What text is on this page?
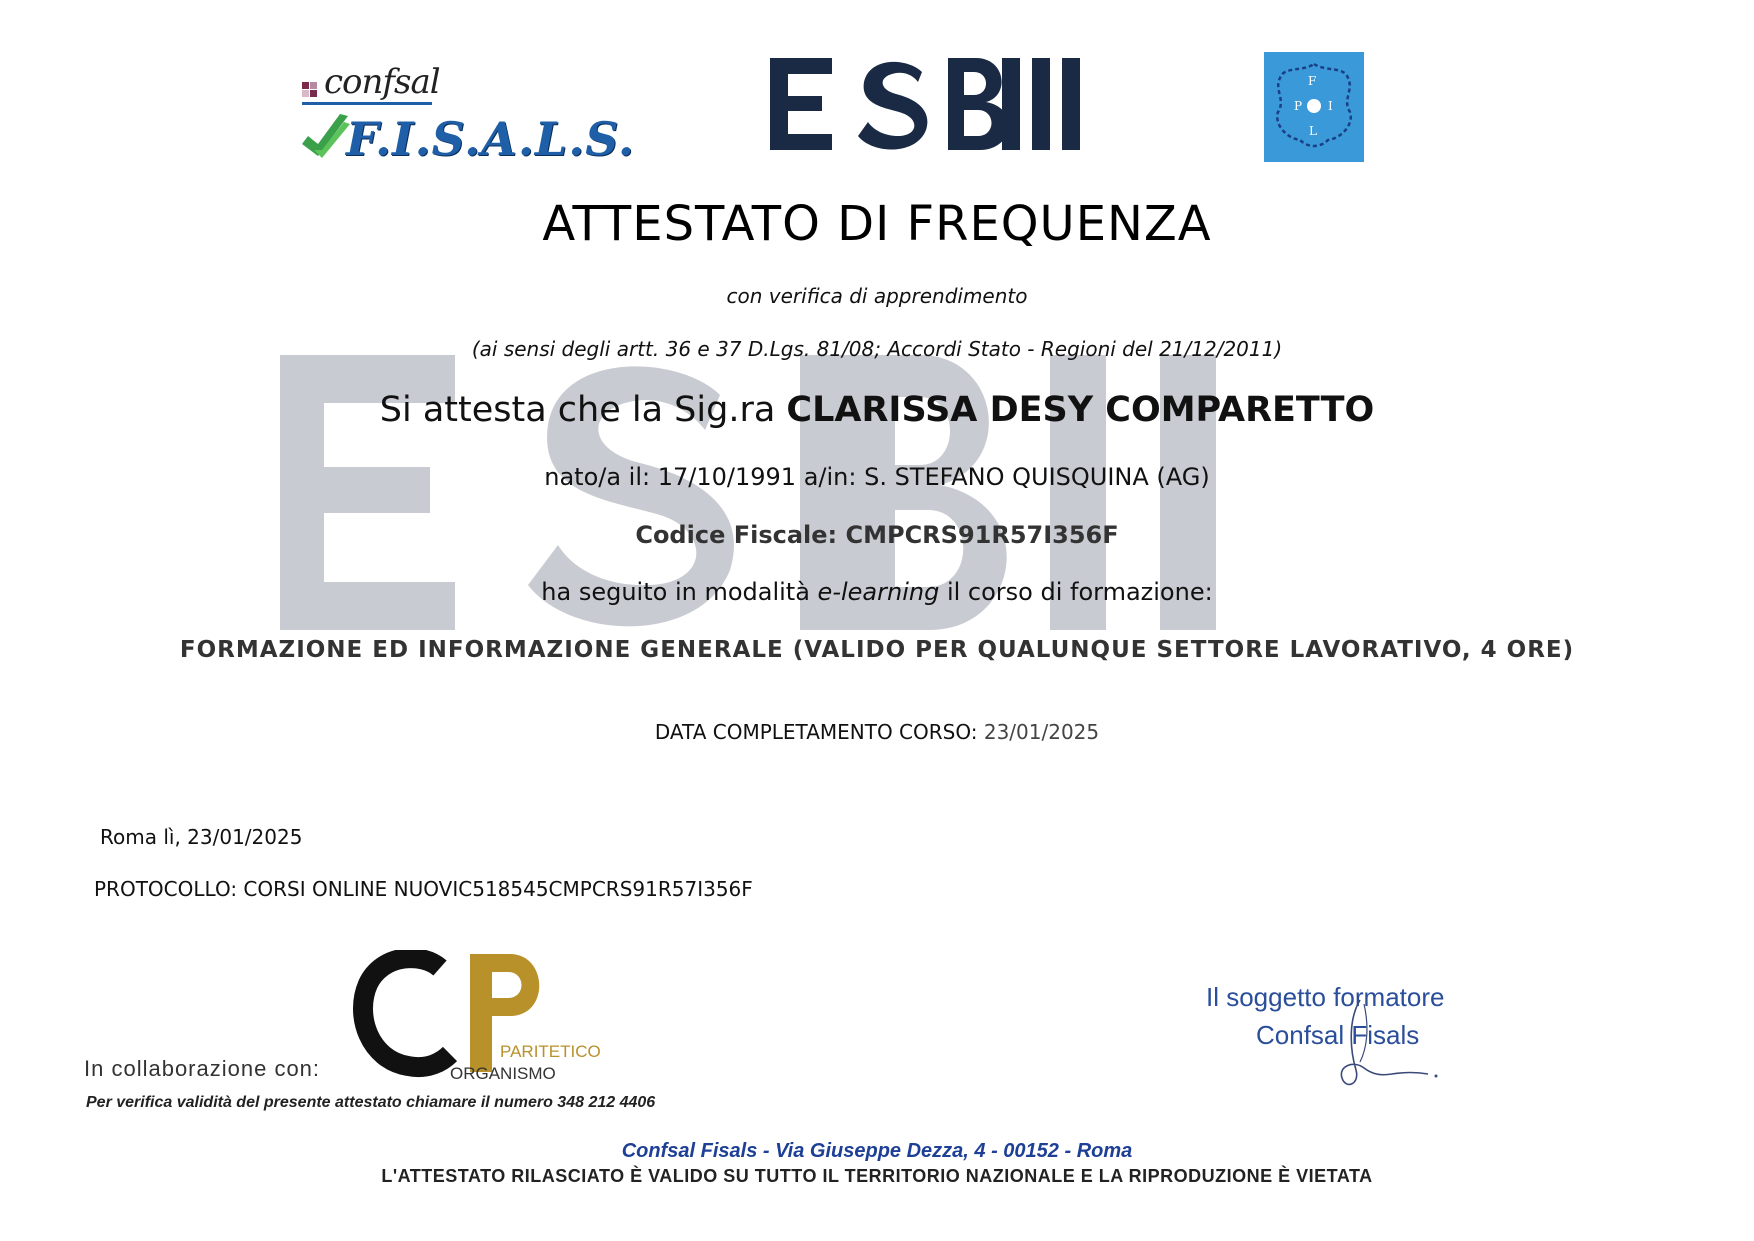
confsal
F.I.S.A.L.S.
F
P I
L
ATTESTATO DI FREQUENZA
con verifica di apprendimento
(ai sensi degli artt. 36 e 37 D.Lgs. 81/08; Accordi Stato - Regioni del 21/12/2011)
Si attesta che la Sig.ra CLARISSA DESY COMPARETTO
nato/a il: 17/10/1991 a/in: S. STEFANO QUISQUINA (AG)
Codice Fiscale: CMPCRS91R57I356F
ha seguito in modalità e-learning il corso di formazione:
FORMAZIONE ED INFORMAZIONE GENERALE (VALIDO PER QUALUNQUE SETTORE LAVORATIVO, 4 ORE)
DATA COMPLETAMENTO CORSO: 23/01/2025
Roma lì, 23/01/2025
PROTOCOLLO: CORSI ONLINE NUOVIC518545CMPCRS91R57I356F
In collaborazione con:
PARITETICO
ORGANISMO
Per verifica validità del presente attestato chiamare il numero 348 212 4406
Il soggetto formatore
Confsal Fisals
Confsal Fisals - Via Giuseppe Dezza, 4 - 00152 - Roma
L'ATTESTATO RILASCIATO È VALIDO SU TUTTO IL TERRITORIO NAZIONALE E LA RIPRODUZIONE È VIETATA
